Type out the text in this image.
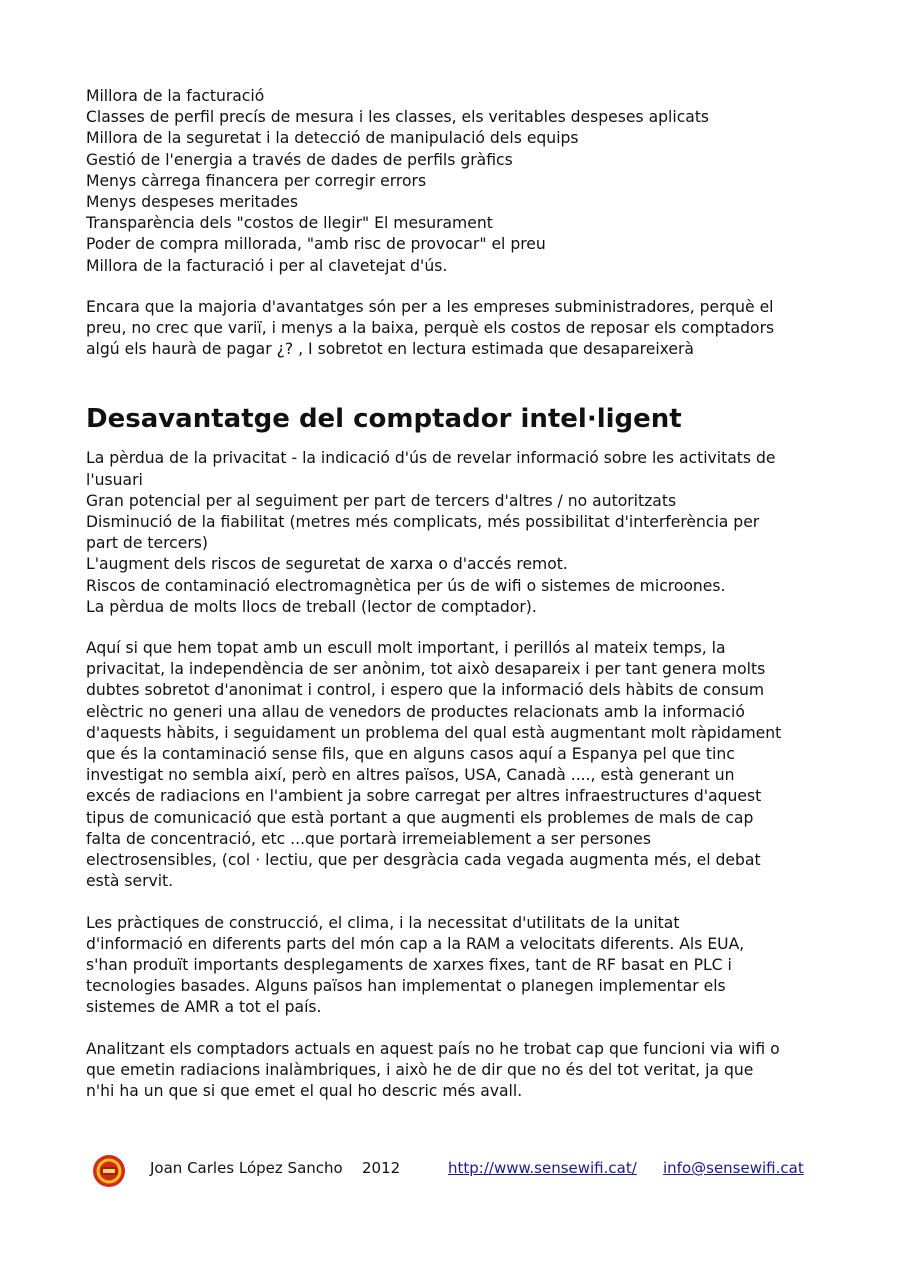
Millora de la facturació
Classes de perfil precís de mesura i les classes, els veritables despeses aplicats
Millora de la seguretat i la detecció de manipulació dels equips
Gestió de l'energia a través de dades de perfils gràfics
Menys càrrega financera per corregir errors
Menys despeses meritades
Transparència dels "costos de llegir" El mesurament
Poder de compra millorada, "amb risc de provocar" el preu
Millora de la facturació i per al clavetejat d'ús.
Encara que la majoria d'avantatges són per a les empreses subministradores, perquè el
preu, no crec que variï, i menys a la baixa, perquè els costos de reposar els comptadors
algú els haurà de pagar ¿? , I sobretot en lectura estimada que desapareixerà
Desavantatge del comptador intel·ligent
La pèrdua de la privacitat - la indicació d'ús de revelar informació sobre les activitats de
l'usuari
Gran potencial per al seguiment per part de tercers d'altres / no autoritzats
Disminució de la fiabilitat (metres més complicats, més possibilitat d'interferència per
part de tercers)
L'augment dels riscos de seguretat de xarxa o d'accés remot.
Riscos de contaminació electromagnètica per ús de wifi o sistemes de microones.
La pèrdua de molts llocs de treball (lector de comptador).
Aquí si que hem topat amb un escull molt important, i perillós al mateix temps, la
privacitat, la independència de ser anònim, tot això desapareix i per tant genera molts
dubtes sobretot d'anonimat i control, i espero que la informació dels hàbits de consum
elèctric no generi una allau de venedors de productes relacionats amb la informació
d'aquests hàbits, i seguidament un problema del qual està augmentant molt ràpidament
que és la contaminació sense fils, que en alguns casos aquí a Espanya pel que tinc
investigat no sembla així, però en altres països, USA, Canadà ...., està generant un
excés de radiacions en l'ambient ja sobre carregat per altres infraestructures d'aquest
tipus de comunicació que està portant a que augmenti els problemes de mals de cap
falta de concentració, etc ...que portarà irremeiablement a ser persones
electrosensibles, (col · lectiu, que per desgràcia cada vegada augmenta més, el debat
està servit.
Les pràctiques de construcció, el clima, i la necessitat d'utilitats de la unitat
d'informació en diferents parts del món cap a la RAM a velocitats diferents. Als EUA,
s'han produït importants desplegaments de xarxes fixes, tant de RF basat en PLC i
tecnologies basades. Alguns països han implementat o planegen implementar els
sistemes de AMR a tot el país.
Analitzant els comptadors actuals en aquest país no he trobat cap que funcioni via wifi o
que emetin radiacions inalàmbriques, i això he de dir que no és del tot veritat, ja que
n'hi ha un que si que emet el qual ho descric més avall.
Joan Carles López Sancho 2012	http://www.sensewifi.cat/ info@sensewifi.cat
